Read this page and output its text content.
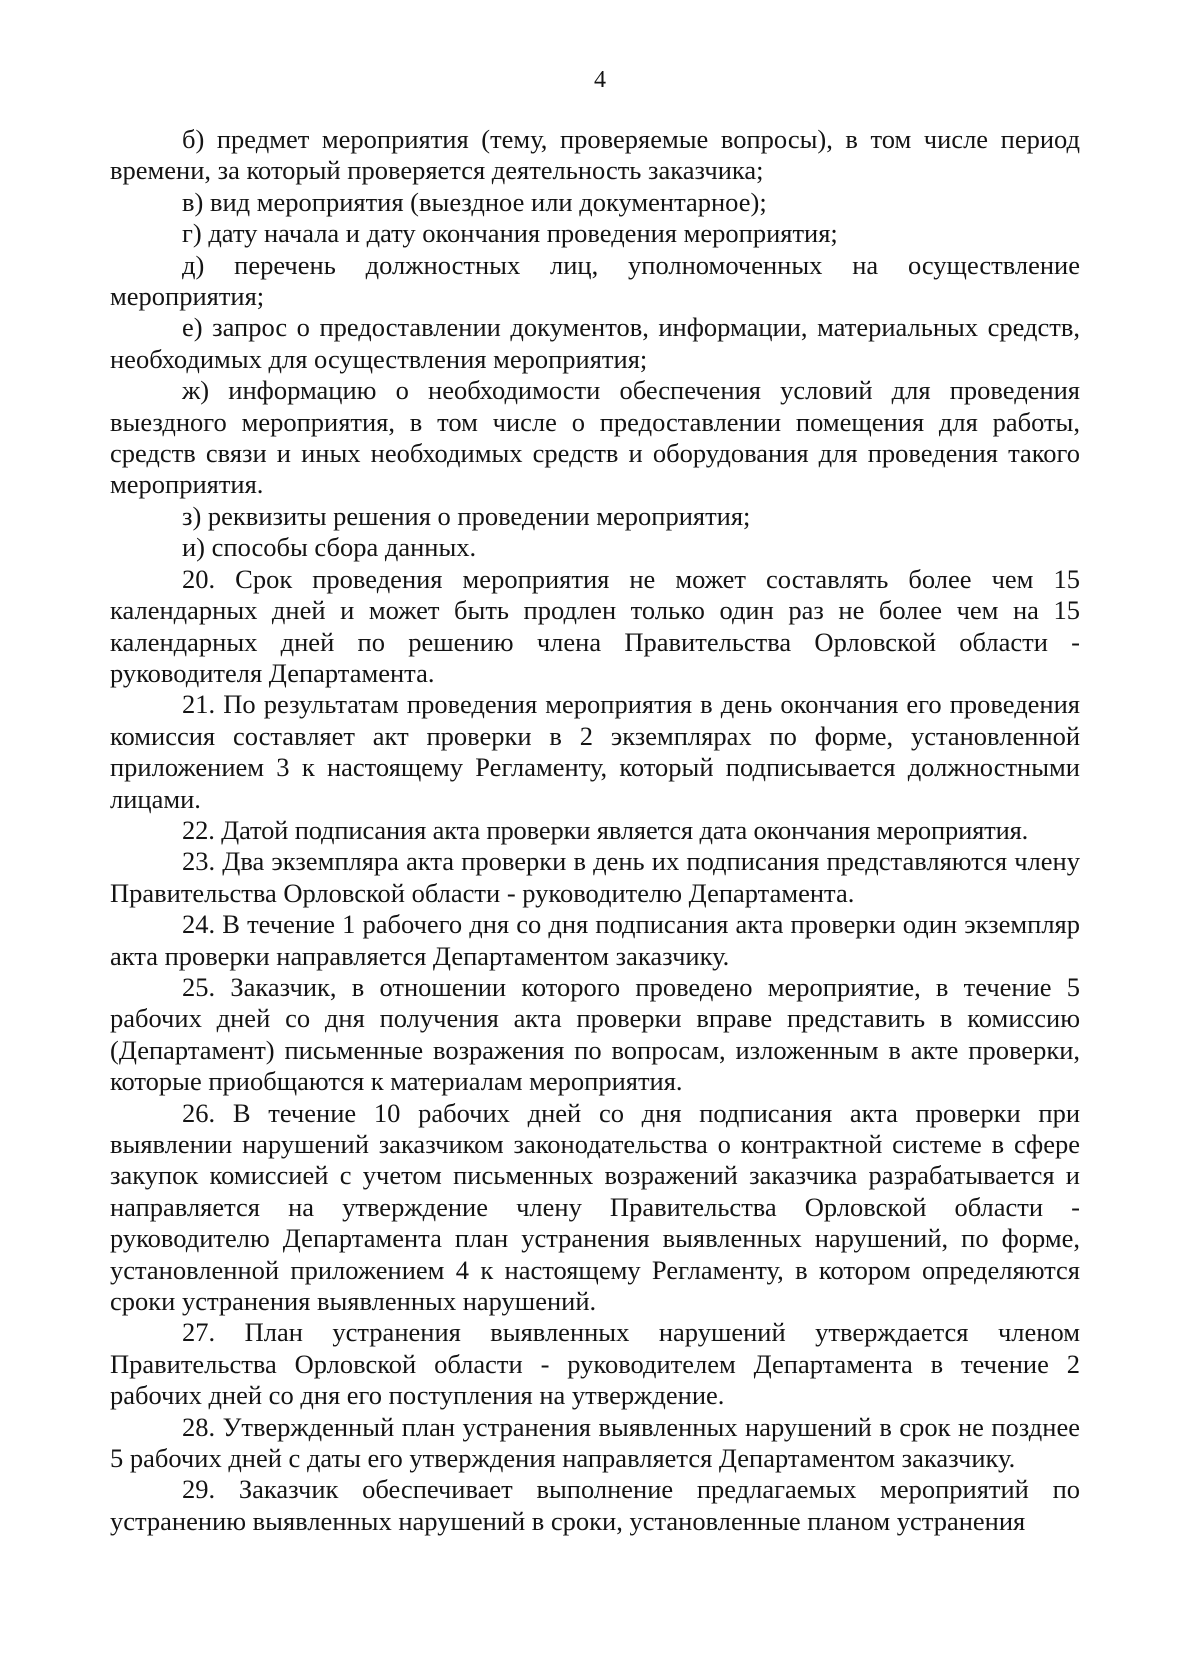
4

б) предмет мероприятия (тему, проверяемые вопросы), в том числе период времени, за который проверяется деятельность заказчика;

в) вид мероприятия (выездное или документарное);

г) дату начала и дату окончания проведения мероприятия;

д) перечень должностных лиц, уполномоченных на осуществление мероприятия;

е) запрос о предоставлении документов, информации, материальных средств, необходимых для осуществления мероприятия;

ж) информацию о необходимости обеспечения условий для проведения выездного мероприятия, в том числе о предоставлении помещения для работы, средств связи и иных необходимых средств и оборудования для проведения такого мероприятия.

з) реквизиты решения о проведении мероприятия;

и) способы сбора данных.

20. Срок проведения мероприятия не может составлять более чем 15 календарных дней и может быть продлен только один раз не более чем на 15 календарных дней по решению члена Правительства Орловской области - руководителя Департамента.

21. По результатам проведения мероприятия в день окончания его проведения комиссия составляет акт проверки в 2 экземплярах по форме, установленной приложением 3 к настоящему Регламенту, который подписывается должностными лицами.

22. Датой подписания акта проверки является дата окончания мероприятия.

23. Два экземпляра акта проверки в день их подписания представляются члену Правительства Орловской области - руководителю Департамента.

24. В течение 1 рабочего дня со дня подписания акта проверки один экземпляр акта проверки направляется Департаментом заказчику.

25. Заказчик, в отношении которого проведено мероприятие, в течение 5 рабочих дней со дня получения акта проверки вправе представить в комиссию (Департамент) письменные возражения по вопросам, изложенным в акте проверки, которые приобщаются к материалам мероприятия.

26. В течение 10 рабочих дней со дня подписания акта проверки при выявлении нарушений заказчиком законодательства о контрактной системе в сфере закупок комиссией с учетом письменных возражений заказчика разрабатывается и направляется на утверждение члену Правительства Орловской области - руководителю Департамента план устранения выявленных нарушений, по форме, установленной приложением 4 к настоящему Регламенту, в котором определяются сроки устранения выявленных нарушений.

27. План устранения выявленных нарушений утверждается членом Правительства Орловской области - руководителем Департамента в течение 2 рабочих дней со дня его поступления на утверждение.

28. Утвержденный план устранения выявленных нарушений в срок не позднее 5 рабочих дней с даты его утверждения направляется Департаментом заказчику.

29. Заказчик обеспечивает выполнение предлагаемых мероприятий по устранению выявленных нарушений в сроки, установленные планом устранения
